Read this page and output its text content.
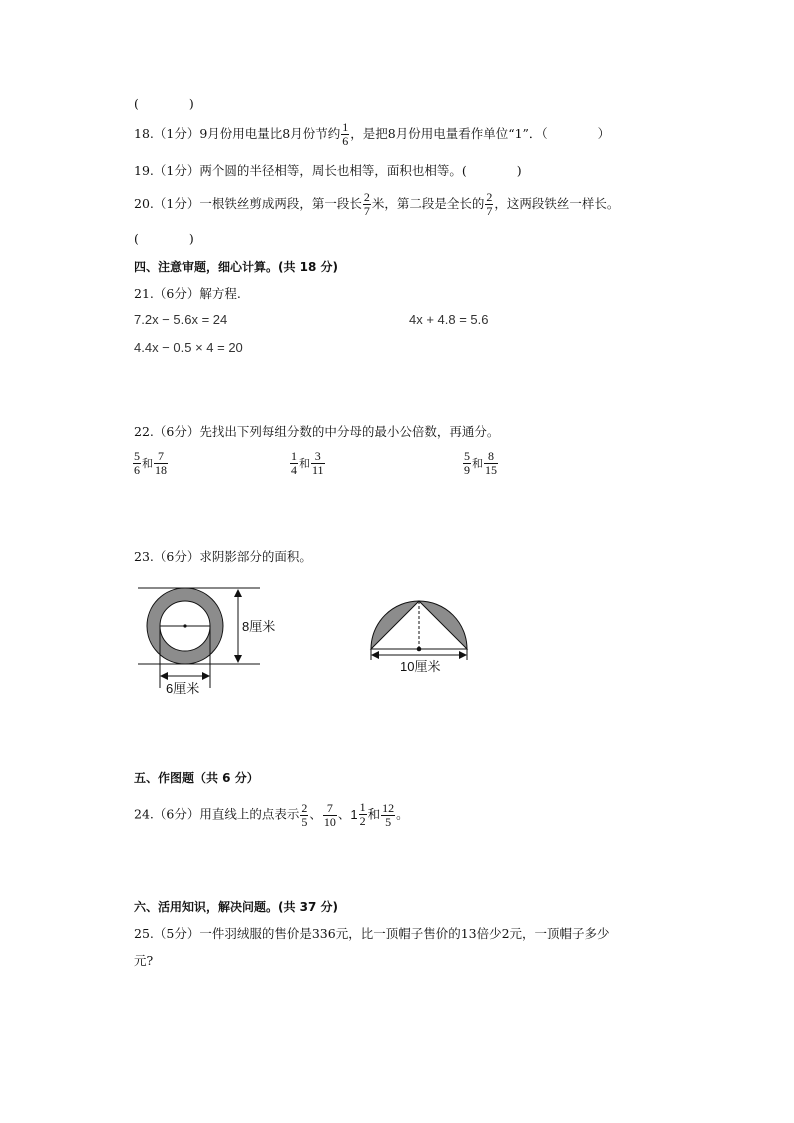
(　　　　)
18.（1分）9月份用电量比8月份节约 $\frac{1}{6}$ ，是把8月份用电量看作单位“1”．（　　　　）
19.（1分）两个圆的半径相等，周长也相等，面积也相等。(　　　　)
20.（1分）一根铁丝剪成两段，第一段长 $\frac{2}{7}$ 米，第二段是全长的 $\frac{2}{7}$ ，这两段铁丝一样长。
(　　　　)
四、注意审题，细心计算。(共 18 分)
21.（6分）解方程.
7.2x − 5.6x = 24	4x + 4.8 = 5.6
4.4x − 0.5 × 4 = 20
22.（6分）先找出下列每组分数的中分母的最小公倍数，再通分。
$\frac{5}{6}$ 和 $\frac{7}{18}$	$\frac{1}{4}$ 和 $\frac{3}{11}$	$\frac{5}{9}$ 和 $\frac{8}{15}$
23.（6分）求阴影部分的面积。
8厘米
6厘米
10厘米
五、作图题（共 6 分）
24.（6分）用直线上的点表示 $\frac{2}{5}$ 、 $\frac{7}{10}$ 、 $1 \frac{1}{2}$ 和 $\frac{12}{5}$ 。
六、活用知识，解决问题。(共 37 分)
25.（5分）一件羽绒服的售价是336元，比一顶帽子售价的13倍少2元，一顶帽子多少
元?
